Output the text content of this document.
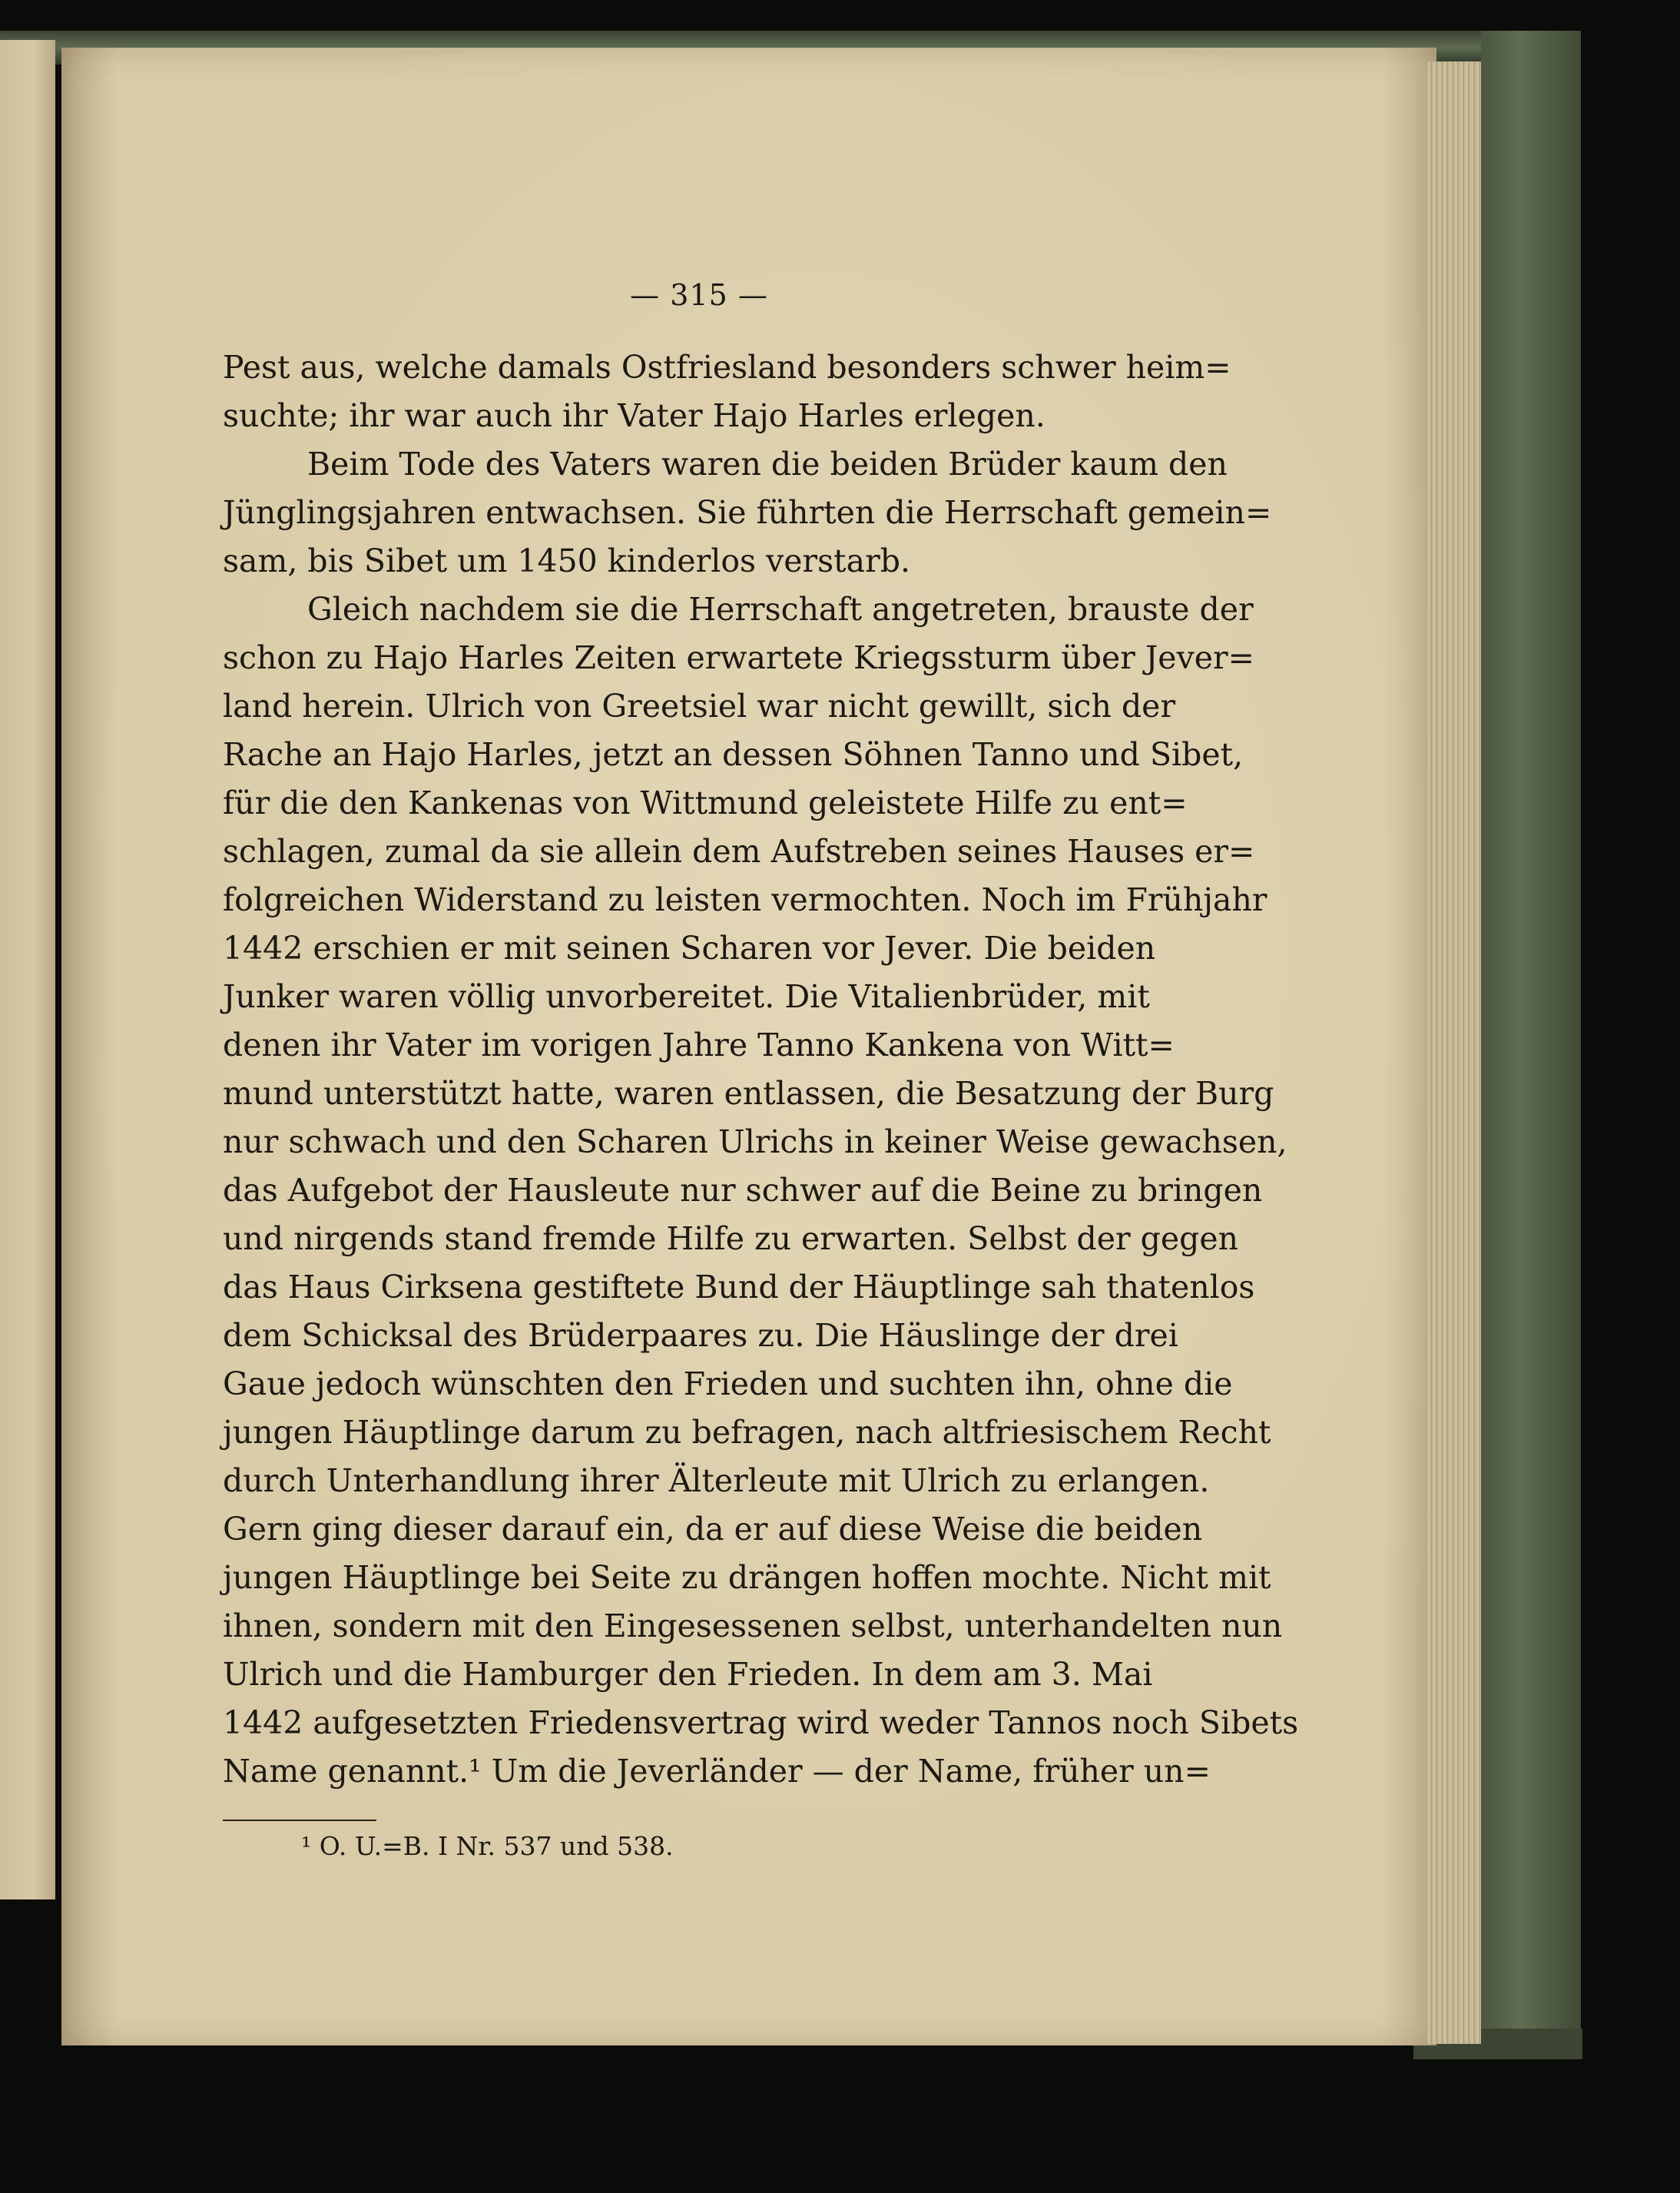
— 315 —
Pest aus, welche damals Ostfriesland besonders schwer heim=
suchte; ihr war auch ihr Vater Hajo Harles erlegen.
Beim Tode des Vaters waren die beiden Brüder kaum den
Jünglingsjahren entwachsen. Sie führten die Herrschaft gemein=
sam, bis Sibet um 1450 kinderlos verstarb.
Gleich nachdem sie die Herrschaft angetreten, brauste der
schon zu Hajo Harles Zeiten erwartete Kriegssturm über Jever=
land herein. Ulrich von Greetsiel war nicht gewillt, sich der
Rache an Hajo Harles, jetzt an dessen Söhnen Tanno und Sibet,
für die den Kankenas von Wittmund geleistete Hilfe zu ent=
schlagen, zumal da sie allein dem Aufstreben seines Hauses er=
folgreichen Widerstand zu leisten vermochten. Noch im Frühjahr
1442 erschien er mit seinen Scharen vor Jever. Die beiden
Junker waren völlig unvorbereitet. Die Vitalienbrüder, mit
denen ihr Vater im vorigen Jahre Tanno Kankena von Witt=
mund unterstützt hatte, waren entlassen, die Besatzung der Burg
nur schwach und den Scharen Ulrichs in keiner Weise gewachsen,
das Aufgebot der Hausleute nur schwer auf die Beine zu bringen
und nirgends stand fremde Hilfe zu erwarten. Selbst der gegen
das Haus Cirksena gestiftete Bund der Häuptlinge sah thatenlos
dem Schicksal des Brüderpaares zu. Die Häuslinge der drei
Gaue jedoch wünschten den Frieden und suchten ihn, ohne die
jungen Häuptlinge darum zu befragen, nach altfriesischem Recht
durch Unterhandlung ihrer Älterleute mit Ulrich zu erlangen.
Gern ging dieser darauf ein, da er auf diese Weise die beiden
jungen Häuptlinge bei Seite zu drängen hoffen mochte. Nicht mit
ihnen, sondern mit den Eingesessenen selbst, unterhandelten nun
Ulrich und die Hamburger den Frieden. In dem am 3. Mai
1442 aufgesetzten Friedensvertrag wird weder Tannos noch Sibets
Name genannt.¹ Um die Jeverländer — der Name, früher un=
¹ O. U.=B. I Nr. 537 und 538.
